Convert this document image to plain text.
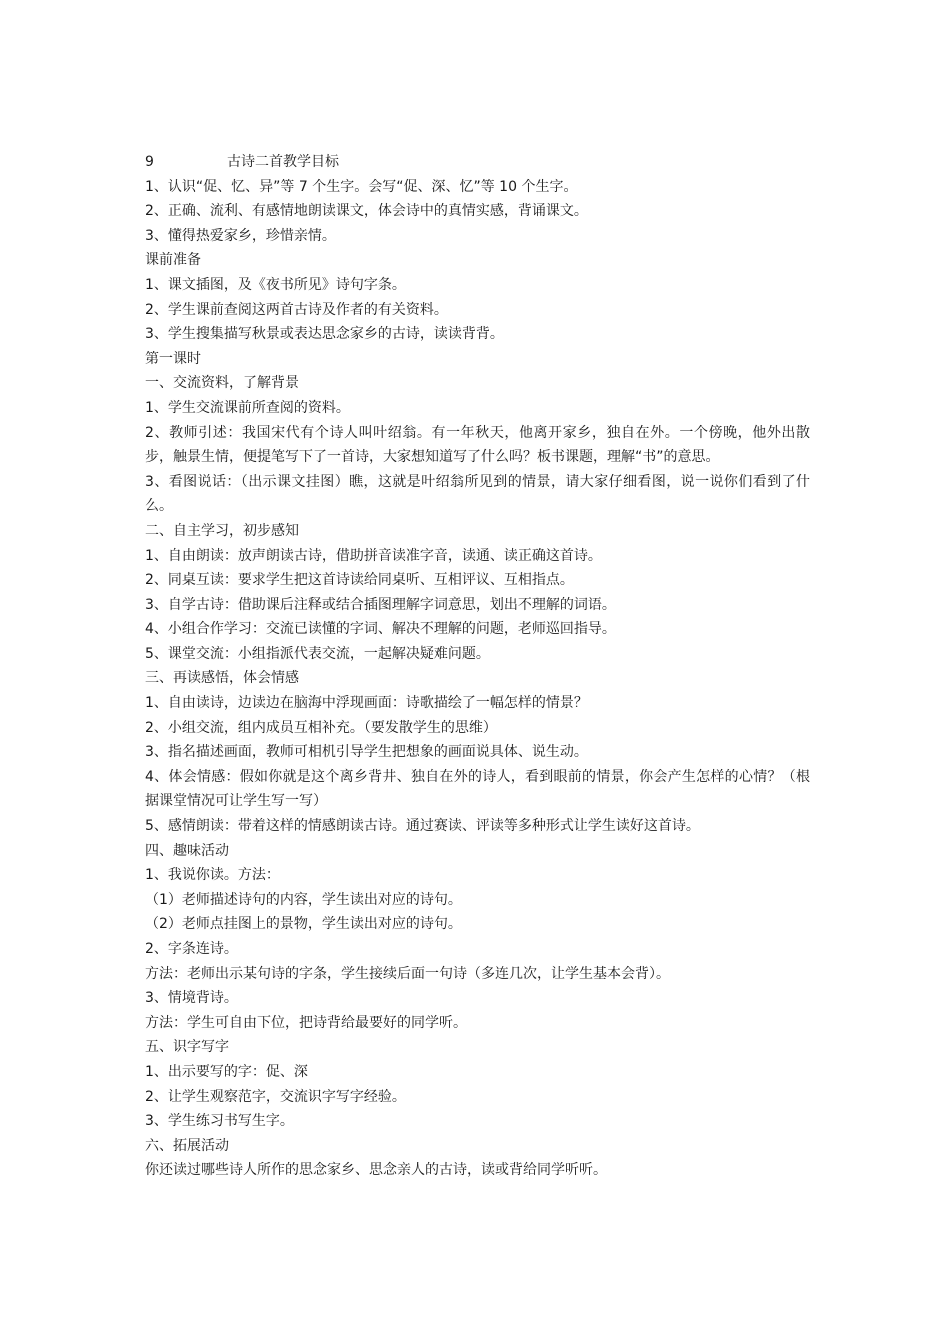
9	古诗二首教学目标
1、认识“促、忆、异”等 7 个生字。会写“促、深、忆”等 10 个生字。
2、正确、流利、有感情地朗读课文，体会诗中的真情实感，背诵课文。
3、懂得热爱家乡，珍惜亲情。
课前准备
1、课文插图，及《夜书所见》诗句字条。
2、学生课前查阅这两首古诗及作者的有关资料。
3、学生搜集描写秋景或表达思念家乡的古诗，读读背背。
第一课时
一、交流资料，了解背景
1、学生交流课前所查阅的资料。
2、教师引述：我国宋代有个诗人叫叶绍翁。有一年秋天，他离开家乡，独自在外。一个傍晚，他外出散步，触景生情，便提笔写下了一首诗，大家想知道写了什么吗？板书课题，理解“书”的意思。
3、看图说话：（出示课文挂图）瞧，这就是叶绍翁所见到的情景，请大家仔细看图，说一说你们看到了什么。
二、自主学习，初步感知
1、自由朗读：放声朗读古诗，借助拼音读准字音，读通、读正确这首诗。
2、同桌互读：要求学生把这首诗读给同桌听、互相评议、互相指点。
3、自学古诗：借助课后注释或结合插图理解字词意思，划出不理解的词语。
4、小组合作学习：交流已读懂的字词、解决不理解的问题，老师巡回指导。
5、课堂交流：小组指派代表交流，一起解决疑难问题。
三、再读感悟，体会情感
1、自由读诗，边读边在脑海中浮现画面：诗歌描绘了一幅怎样的情景？
2、小组交流，组内成员互相补充。（要发散学生的思维）
3、指名描述画面，教师可相机引导学生把想象的画面说具体、说生动。
4、体会情感：假如你就是这个离乡背井、独自在外的诗人，看到眼前的情景，你会产生怎样的心情？（根据课堂情况可让学生写一写）
5、感情朗读：带着这样的情感朗读古诗。通过赛读、评读等多种形式让学生读好这首诗。
四、趣味活动
1、我说你读。方法：
（1）老师描述诗句的内容，学生读出对应的诗句。
（2）老师点挂图上的景物，学生读出对应的诗句。
2、字条连诗。
方法：老师出示某句诗的字条，学生接续后面一句诗（多连几次，让学生基本会背）。
3、情境背诗。
方法：学生可自由下位，把诗背给最要好的同学听。
五、识字写字
1、出示要写的字：促、深
2、让学生观察范字，交流识字写字经验。
3、学生练习书写生字。
六、拓展活动
你还读过哪些诗人所作的思念家乡、思念亲人的古诗，读或背给同学听听。
